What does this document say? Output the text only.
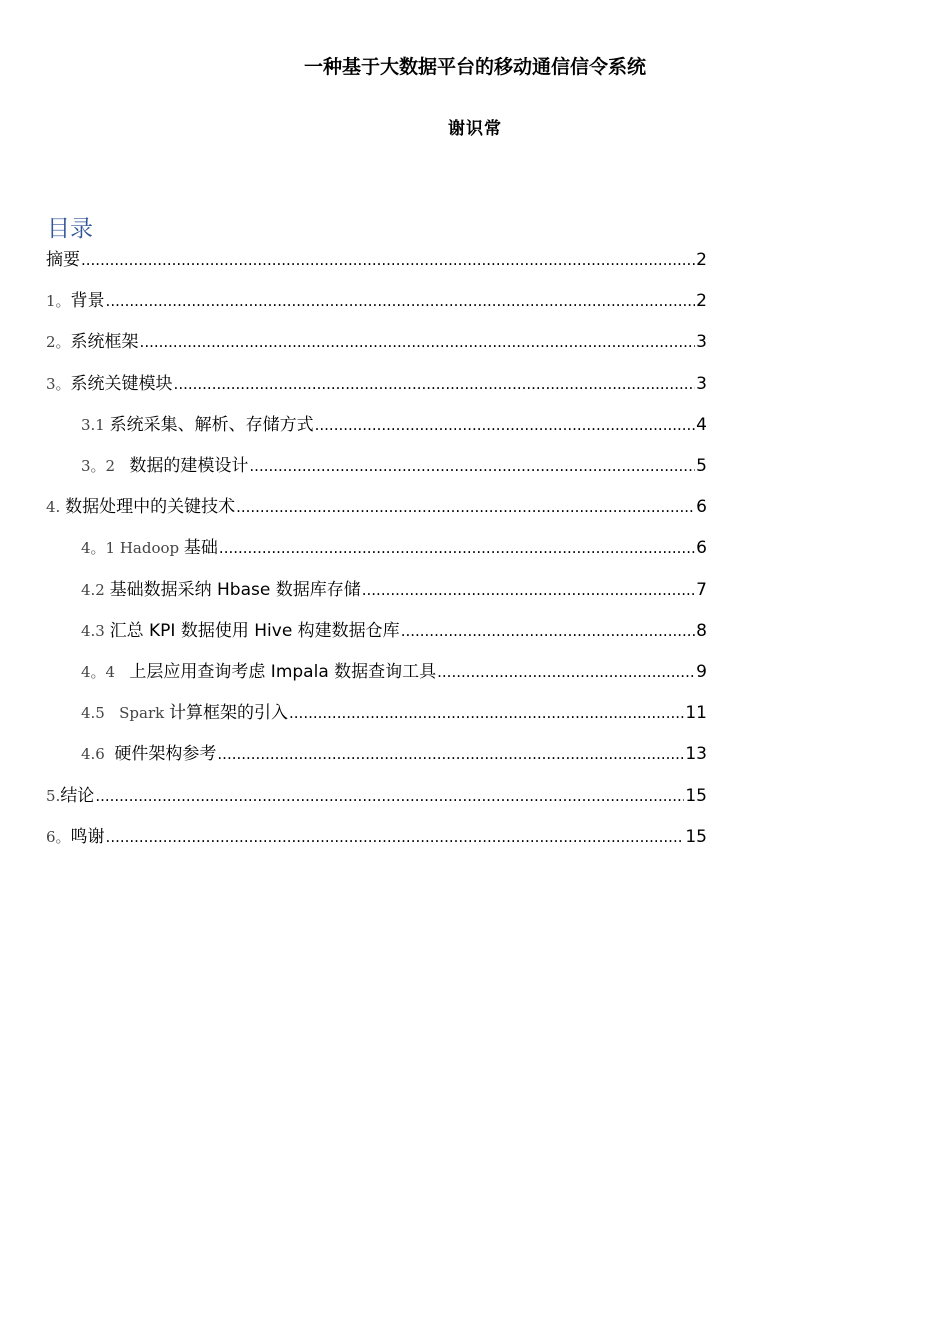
一种基于大数据平台的移动通信信令系统
谢识常
目录
摘要 .....	2
1。 背景 .....	2
2。 系统框架 .....	3
3。 系统关键模块 .....	3
3.1 系统采集、解析、存储方式 .....	4
3。2 数据的建模设计 .....	5
4. 数据处理中的关键技术 .....	6
4。1 Hadoop 基础 .....	6
4.2 基础数据采纳 Hbase 数据库存储 .....	7
4.3 汇总 KPI 数据使用 Hive 构建数据仓库 .....	8
4。4 上层应用查询考虑 Impala 数据查询工具 .....	9
4.5   Spark 计算框架的引入 .....	11
4.6 硬件架构参考 .....	13
5. 结论 .....	15
6。 鸣谢 .....	15
